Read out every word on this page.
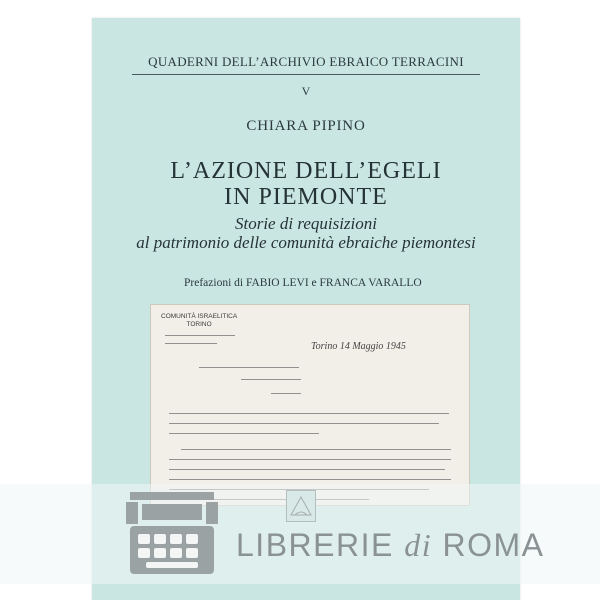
QUADERNI DELL’ARCHIVIO EBRAICO TERRACINI
V
CHIARA PIPINO
L’AZIONE DELL’EGELI
IN PIEMONTE
Storie di requisizioni
al patrimonio delle comunità ebraiche piemontesi
Prefazioni di FABIO LEVI e FRANCA VARALLO
COMUNITÀ ISRAELITICA
TORINO
Torino 14 Maggio 1945
LIBRERIE di ROMA
